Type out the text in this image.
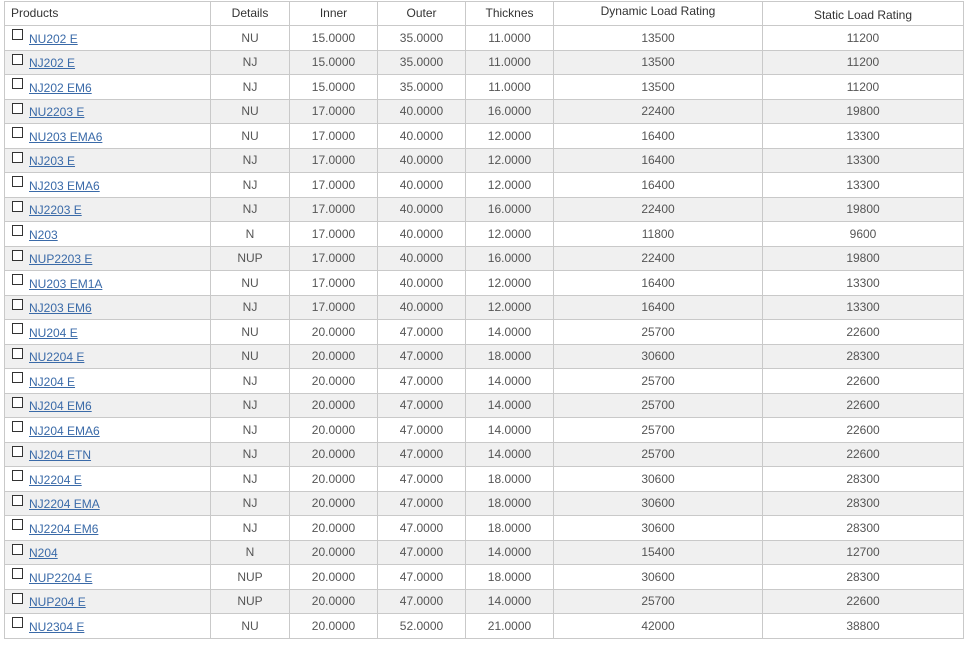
Products	Details	Inner	Outer	Thicknes	Dynamic Load Rating	Static Load Rating
NU202 E	NU	15.0000	35.0000	11.0000	13500	11200
NJ202 E	NJ	15.0000	35.0000	11.0000	13500	11200
NJ202 EM6	NJ	15.0000	35.0000	11.0000	13500	11200
NU2203 E	NU	17.0000	40.0000	16.0000	22400	19800
NU203 EMA6	NU	17.0000	40.0000	12.0000	16400	13300
NJ203 E	NJ	17.0000	40.0000	12.0000	16400	13300
NJ203 EMA6	NJ	17.0000	40.0000	12.0000	16400	13300
NJ2203 E	NJ	17.0000	40.0000	16.0000	22400	19800
N203	N	17.0000	40.0000	12.0000	11800	9600
NUP2203 E	NUP	17.0000	40.0000	16.0000	22400	19800
NU203 EM1A	NU	17.0000	40.0000	12.0000	16400	13300
NJ203 EM6	NJ	17.0000	40.0000	12.0000	16400	13300
NU204 E	NU	20.0000	47.0000	14.0000	25700	22600
NU2204 E	NU	20.0000	47.0000	18.0000	30600	28300
NJ204 E	NJ	20.0000	47.0000	14.0000	25700	22600
NJ204 EM6	NJ	20.0000	47.0000	14.0000	25700	22600
NJ204 EMA6	NJ	20.0000	47.0000	14.0000	25700	22600
NJ204 ETN	NJ	20.0000	47.0000	14.0000	25700	22600
NJ2204 E	NJ	20.0000	47.0000	18.0000	30600	28300
NJ2204 EMA	NJ	20.0000	47.0000	18.0000	30600	28300
NJ2204 EM6	NJ	20.0000	47.0000	18.0000	30600	28300
N204	N	20.0000	47.0000	14.0000	15400	12700
NUP2204 E	NUP	20.0000	47.0000	18.0000	30600	28300
NUP204 E	NUP	20.0000	47.0000	14.0000	25700	22600
NU2304 E	NU	20.0000	52.0000	21.0000	42000	38800
